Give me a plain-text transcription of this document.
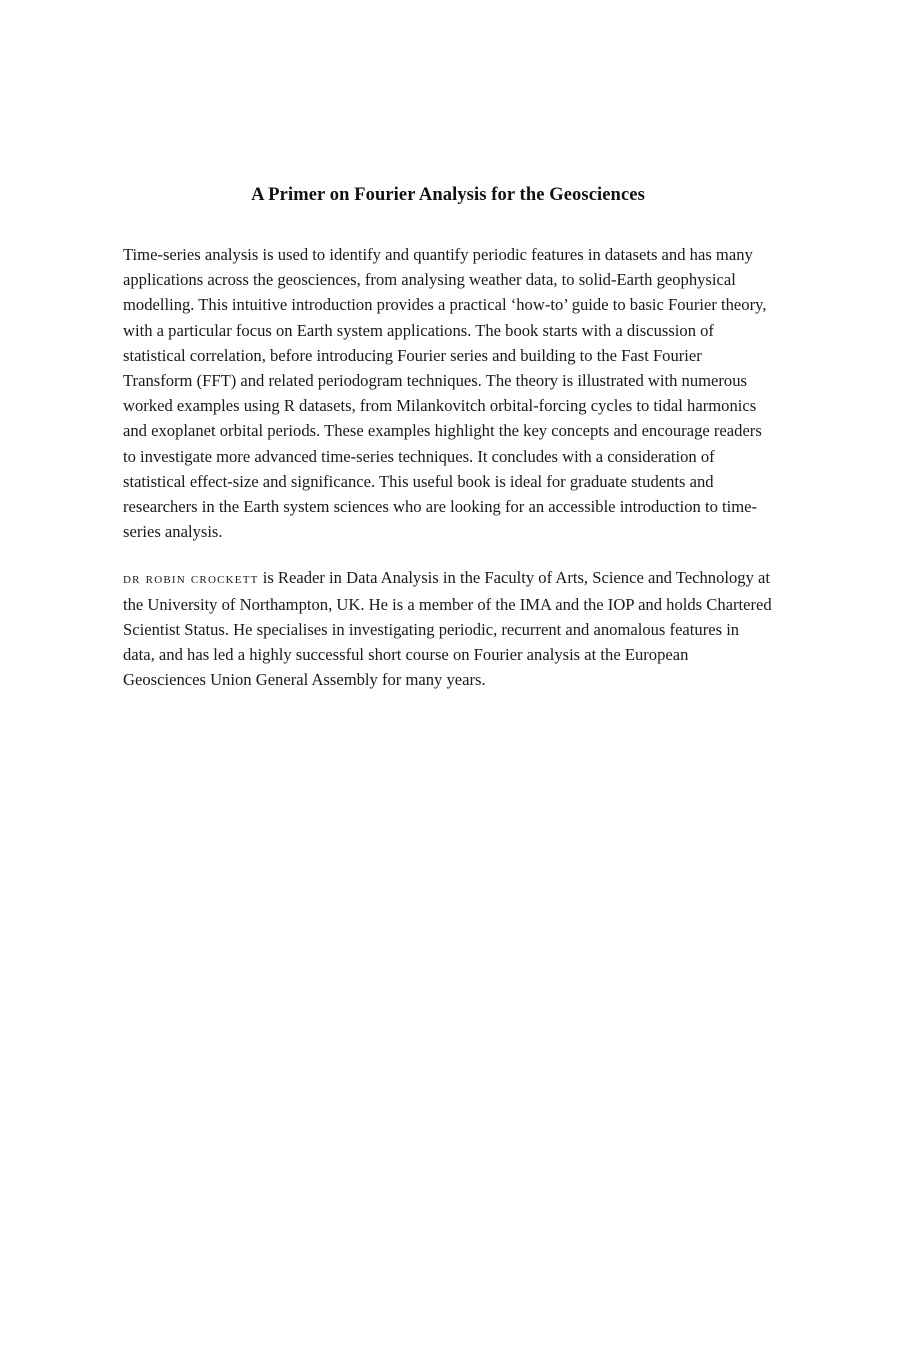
A Primer on Fourier Analysis for the Geosciences

Time-series analysis is used to identify and quantify periodic features in datasets and has many applications across the geosciences, from analysing weather data, to solid-Earth geophysical modelling. This intuitive introduction provides a practical ‘how-to’ guide to basic Fourier theory, with a particular focus on Earth system applications. The book starts with a discussion of statistical correlation, before introducing Fourier series and building to the Fast Fourier Transform (FFT) and related periodogram techniques. The theory is illustrated with numerous worked examples using R datasets, from Milankovitch orbital-forcing cycles to tidal harmonics and exoplanet orbital periods. These examples highlight the key concepts and encourage readers to investigate more advanced time-series techniques. It concludes with a consideration of statistical effect-size and significance. This useful book is ideal for graduate students and researchers in the Earth system sciences who are looking for an accessible introduction to time-series analysis.

dr robin crockett is Reader in Data Analysis in the Faculty of Arts, Science and Technology at the University of Northampton, UK. He is a member of the IMA and the IOP and holds Chartered Scientist Status. He specialises in investigating periodic, recurrent and anomalous features in data, and has led a highly successful short course on Fourier analysis at the European Geosciences Union General Assembly for many years.
